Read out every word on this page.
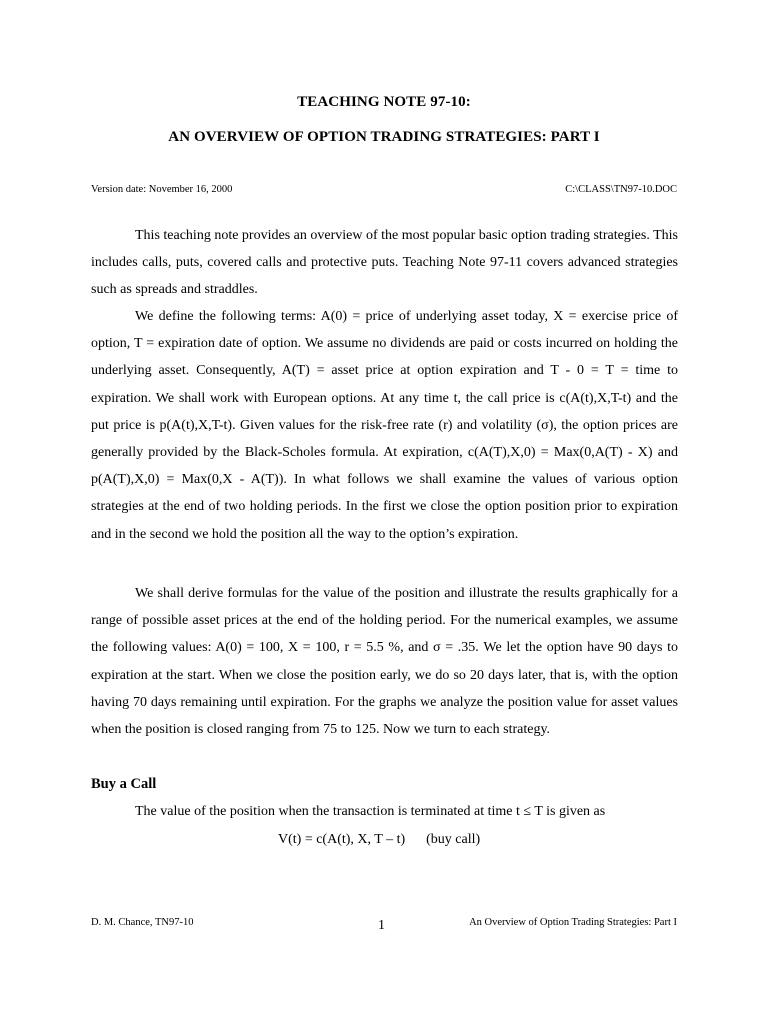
TEACHING NOTE 97-10:
AN OVERVIEW OF OPTION TRADING STRATEGIES: PART I
Version date: November 16, 2000	C:\CLASS\TN97-10.DOC

This teaching note provides an overview of the most popular basic option trading strategies. This includes calls, puts, covered calls and protective puts. Teaching Note 97-11 covers advanced strategies such as spreads and straddles.

We define the following terms: A(0) = price of underlying asset today, X = exercise price of option, T = expiration date of option. We assume no dividends are paid or costs incurred on holding the underlying asset. Consequently, A(T) = asset price at option expiration and T - 0 = T = time to expiration. We shall work with European options. At any time t, the call price is c(A(t),X,T-t) and the put price is p(A(t),X,T-t). Given values for the risk-free rate (r) and volatility (σ), the option prices are generally provided by the Black-Scholes formula. At expiration, c(A(T),X,0) = Max(0,A(T) - X) and p(A(T),X,0) = Max(0,X - A(T)). In what follows we shall examine the values of various option strategies at the end of two holding periods. In the first we close the option position prior to expiration and in the second we hold the position all the way to the option’s expiration.

We shall derive formulas for the value of the position and illustrate the results graphically for a range of possible asset prices at the end of the holding period. For the numerical examples, we assume the following values: A(0) = 100, X = 100, r = 5.5 %, and σ = .35. We let the option have 90 days to expiration at the start. When we close the position early, we do so 20 days later, that is, with the option having 70 days remaining until expiration. For the graphs we analyze the position value for asset values when the position is closed ranging from 75 to 125. Now we turn to each strategy.

Buy a Call
The value of the position when the transaction is terminated at time t ≤ T is given as
V(t) = c(A(t), X, T – t)      (buy call)
D. M. Chance, TN97-10	1	An Overview of Option Trading Strategies: Part I
